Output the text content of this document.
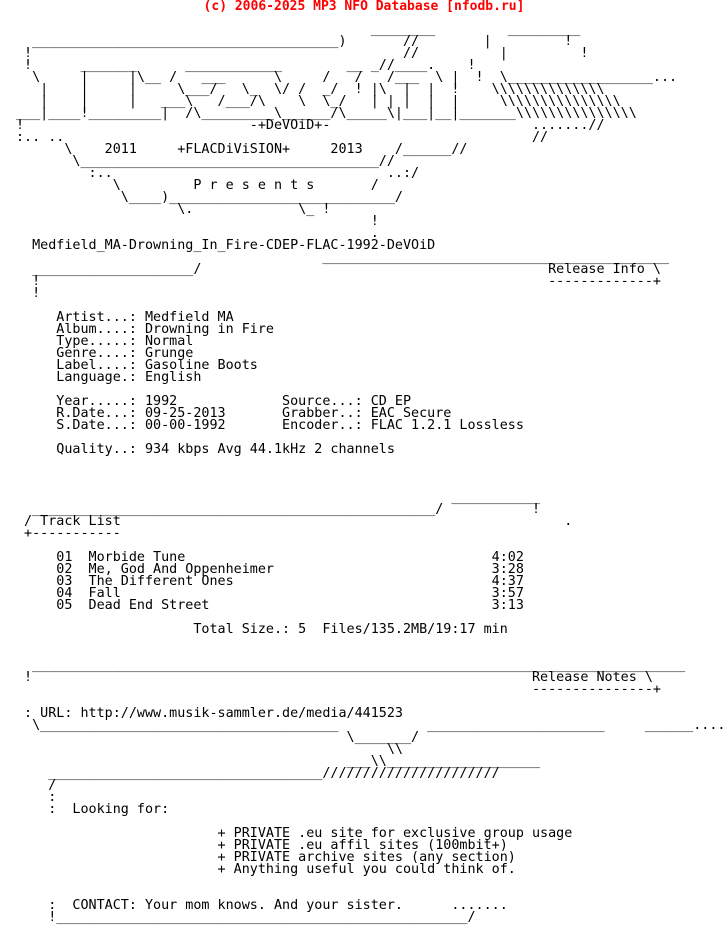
(c) 2006-2025 MP3 NFO Database [nfodb.ru]
________         _________
______________________________________)       //        |         !
!                                              //          |         !
!      _______      ____________        __ _//____.    !
\     |     |\__ /   ___      \     /   /   /___  \ |  !  \__________________...
|    |     |     \___/   \_  \/ /  _/  ! |\  |  |  !    \\\\\\\\\\\\\\
|    |     |   ___\   /___/\    \  \_/   | | |  |  |     \\\\\\\\\\\\\\\
___|____!_________|  /\_________\______/\_____\|___|__|_______\\\\\\\\\\\\\\\
!                            -+DeVOiD+-                         .......//
:.. ..                                                          //
\    2011     +FLACDiViSION+     2013    /______//
\_____________________________________//
:..                                  ..:/
\         P r e s e n t s       /
\____)____________________________/
\.             \_ !
!
.
Medfield_MA-Drowning_In_Fire-CDEP-FLAC-1992-DeVOiD
___________________________________________
____________________/                                           Release Info \
!                                                               -------------+
!
Artist...: Medfield MA
Album....: Drowning in Fire
Type.....: Normal
Genre....: Grunge
Label....: Gasoline Boots
Language.: English
Year.....: 1992             Source...: CD EP
R.Date...: 09-25-2013       Grabber..: EAC Secure
S.Date...: 00-00-1992       Encoder..: FLAC 1.2.1 Lossless
Quality..: 934 kbps Avg 44.1kHz 2 channels
___________
__________________________________________________/           !
/ Track List                                                       .
+-----------
01  Morbide Tune                                      4:02
02  Me, God And Oppenheimer                           3:28
03  The Different Ones                                4:37
04  Fall                                              3:57
05  Dead End Street                                   3:13
Total Size.: 5  Files/135.2MB/19:17 min
_________________________________________________________________________________
!                                                              Release Notes \
---------------+
: URL: http://www.musik-sammler.de/media/441523
\_____________________________________           ______________________     ______....
\_______/
\\
___\\___________________
__________________________________//////////////////////
/
:
:  Looking for:
+ PRIVATE .eu site for exclusive group usage
+ PRIVATE .eu affil sites (100mbit+)
+ PRIVATE archive sites (any section)
+ Anything useful you could think of.
:  CONTACT: Your mom knows. And your sister.      .......
!___________________________________________________/
